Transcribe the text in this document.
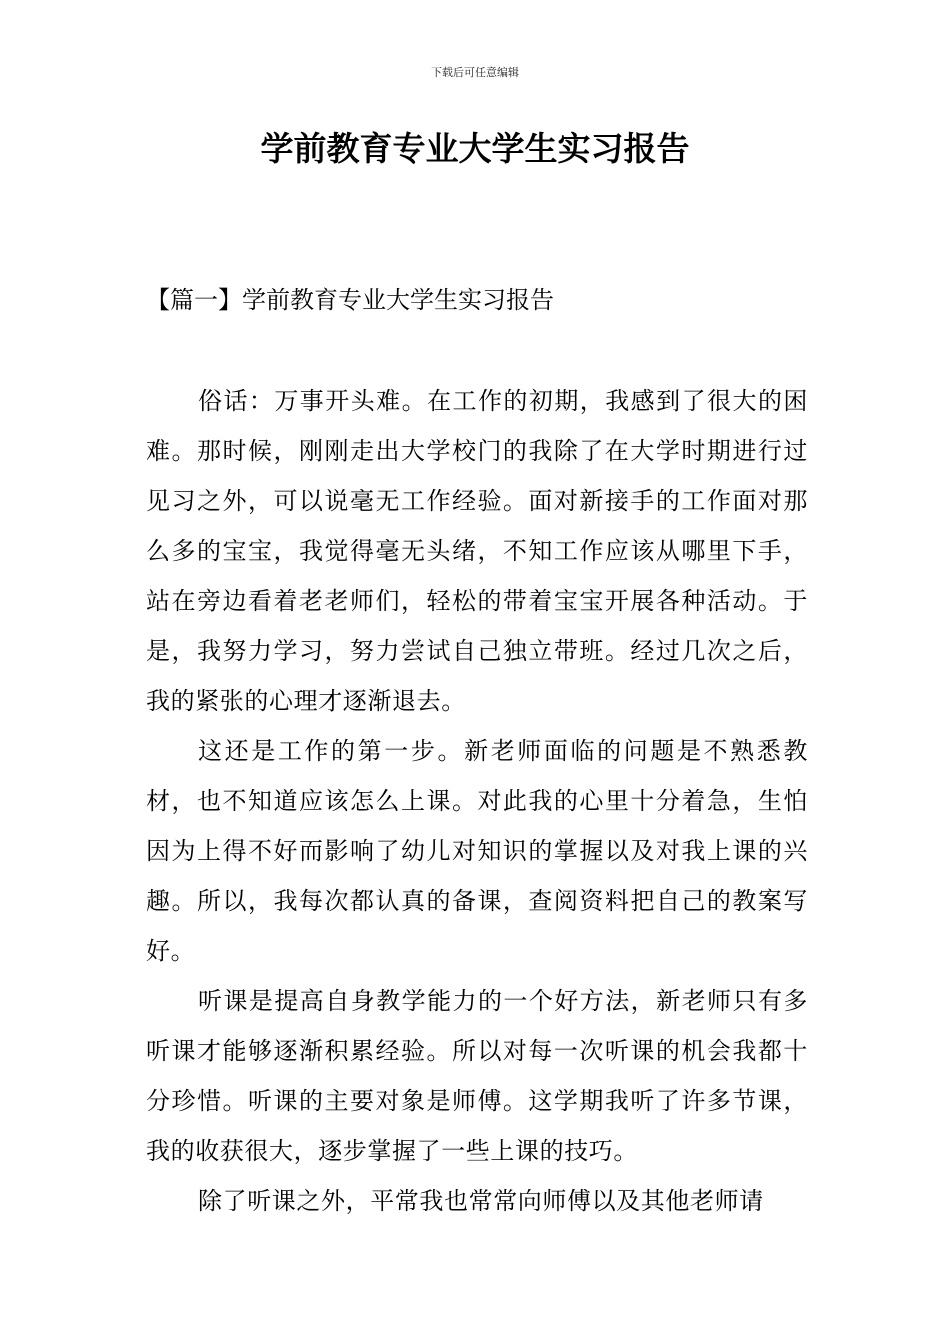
下载后可任意编辑
学前教育专业大学生实习报告
【篇一】学前教育专业大学生实习报告

俗话：万事开头难。在工作的初期，我感到了很大的困难。那时候，刚刚走出大学校门的我除了在大学时期进行过见习之外，可以说毫无工作经验。面对新接手的工作面对那么多的宝宝，我觉得毫无头绪，不知工作应该从哪里下手，站在旁边看着老老师们，轻松的带着宝宝开展各种活动。于是，我努力学习，努力尝试自己独立带班。经过几次之后，我的紧张的心理才逐渐退去。

这还是工作的第一步。新老师面临的问题是不熟悉教材，也不知道应该怎么上课。对此我的心里十分着急，生怕因为上得不好而影响了幼儿对知识的掌握以及对我上课的兴趣。所以，我每次都认真的备课，查阅资料把自己的教案写好。

听课是提高自身教学能力的一个好方法，新老师只有多听课才能够逐渐积累经验。所以对每一次听课的机会我都十分珍惜。听课的主要对象是师傅。这学期我听了许多节课，我的收获很大，逐步掌握了一些上课的技巧。

除了听课之外，平常我也常常向师傅以及其他老师请
